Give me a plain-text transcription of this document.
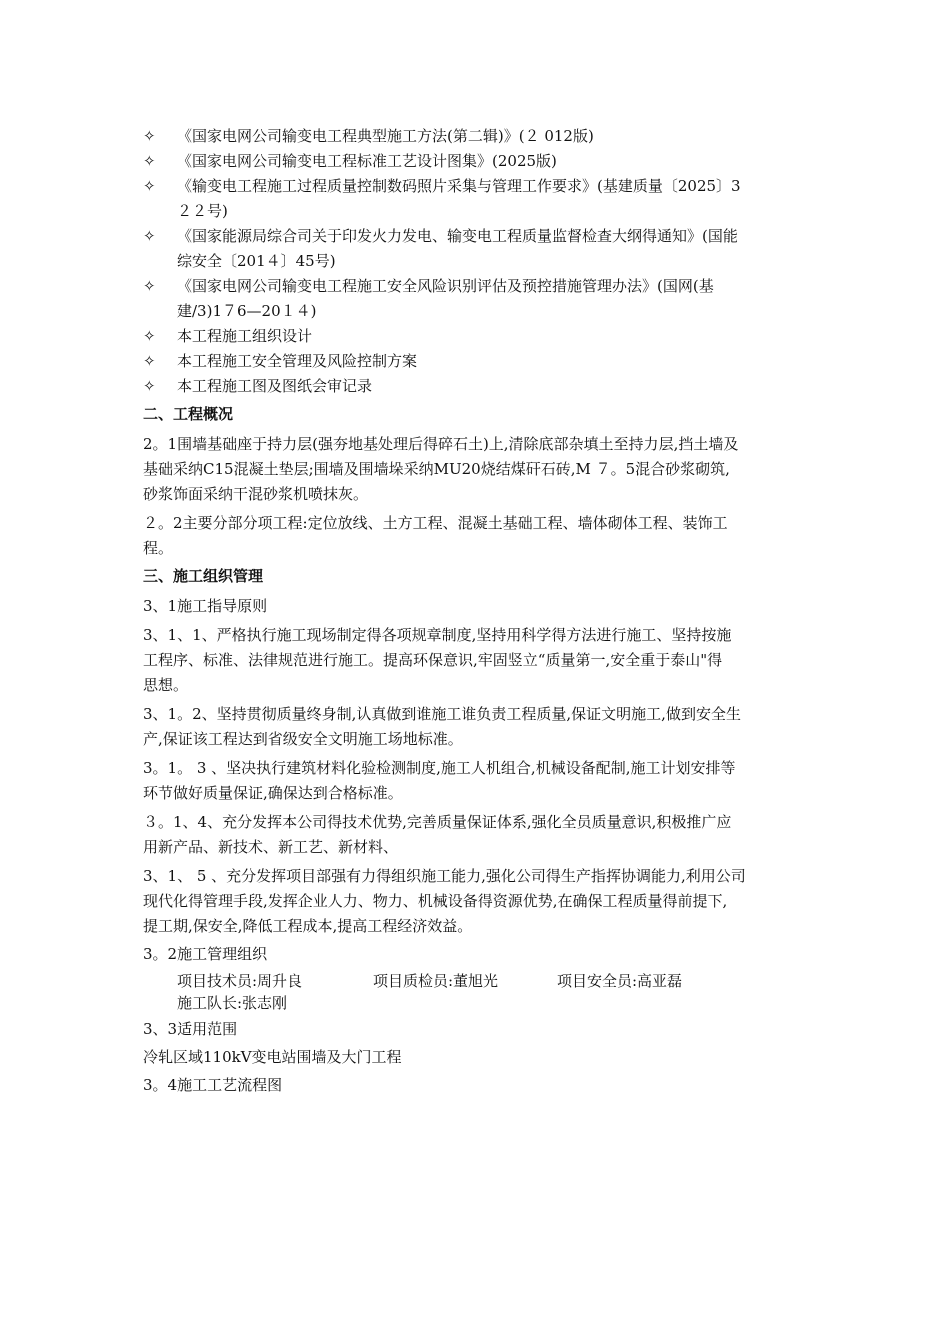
✧	《国家电网公司输变电工程典型施工方法(第二辑)》(２ 012版)
✧	《国家电网公司输变电工程标准工艺设计图集》(2025版)
✧	《输变电工程施工过程质量控制数码照片采集与管理工作要求》(基建质量〔2025〕3
２２号)
✧	《国家能源局综合司关于印发火力发电、输变电工程质量监督检查大纲得通知》(国能
综安全〔201４〕45号)
✧	《国家电网公司输变电工程施工安全风险识别评估及预控措施管理办法》(国网(基
建/3)1７6—20１４)
✧	本工程施工组织设计
✧	本工程施工安全管理及风险控制方案
✧	本工程施工图及图纸会审记录
二、工程概况
2。1围墙基础座于持力层(强夯地基处理后得碎石土)上,清除底部杂填土至持力层,挡土墙及
基础采纳C15混凝土垫层;围墙及围墙垛采纳MU20烧结煤矸石砖,M ７。5混合砂浆砌筑,
砂浆饰面采纳干混砂浆机喷抹灰。
２。2主要分部分项工程:定位放线、土方工程、混凝土基础工程、墙体砌体工程、装饰工
程。
三、施工组织管理
3、1施工指导原则
3、1、1、严格执行施工现场制定得各项规章制度,坚持用科学得方法进行施工、坚持按施
工程序、标准、法律规范进行施工。提高环保意识,牢固竖立“质量第一,安全重于泰山"得
思想。
3、1。2、坚持贯彻质量终身制,认真做到谁施工谁负责工程质量,保证文明施工,做到安全生
产,保证该工程达到省级安全文明施工场地标准。
3。1。 3 、坚决执行建筑材料化验检测制度,施工人机组合,机械设备配制,施工计划安排等
环节做好质量保证,确保达到合格标准。
３。1、4、充分发挥本公司得技术优势,完善质量保证体系,强化全员质量意识,积极推广应
用新产品、新技术、新工艺、新材料、
3、1、 5 、充分发挥项目部强有力得组织施工能力,强化公司得生产指挥协调能力,利用公司
现代化得管理手段,发挥企业人力、物力、机械设备得资源优势,在确保工程质量得前提下,
提工期,保安全,降低工程成本,提高工程经济效益。
3。2施工管理组织
项目技术员:周升良	项目质检员:董旭光	项目安全员:高亚磊
施工队长:张志刚
3、3适用范围
冷轧区域110kV变电站围墙及大门工程
3。4施工工艺流程图
